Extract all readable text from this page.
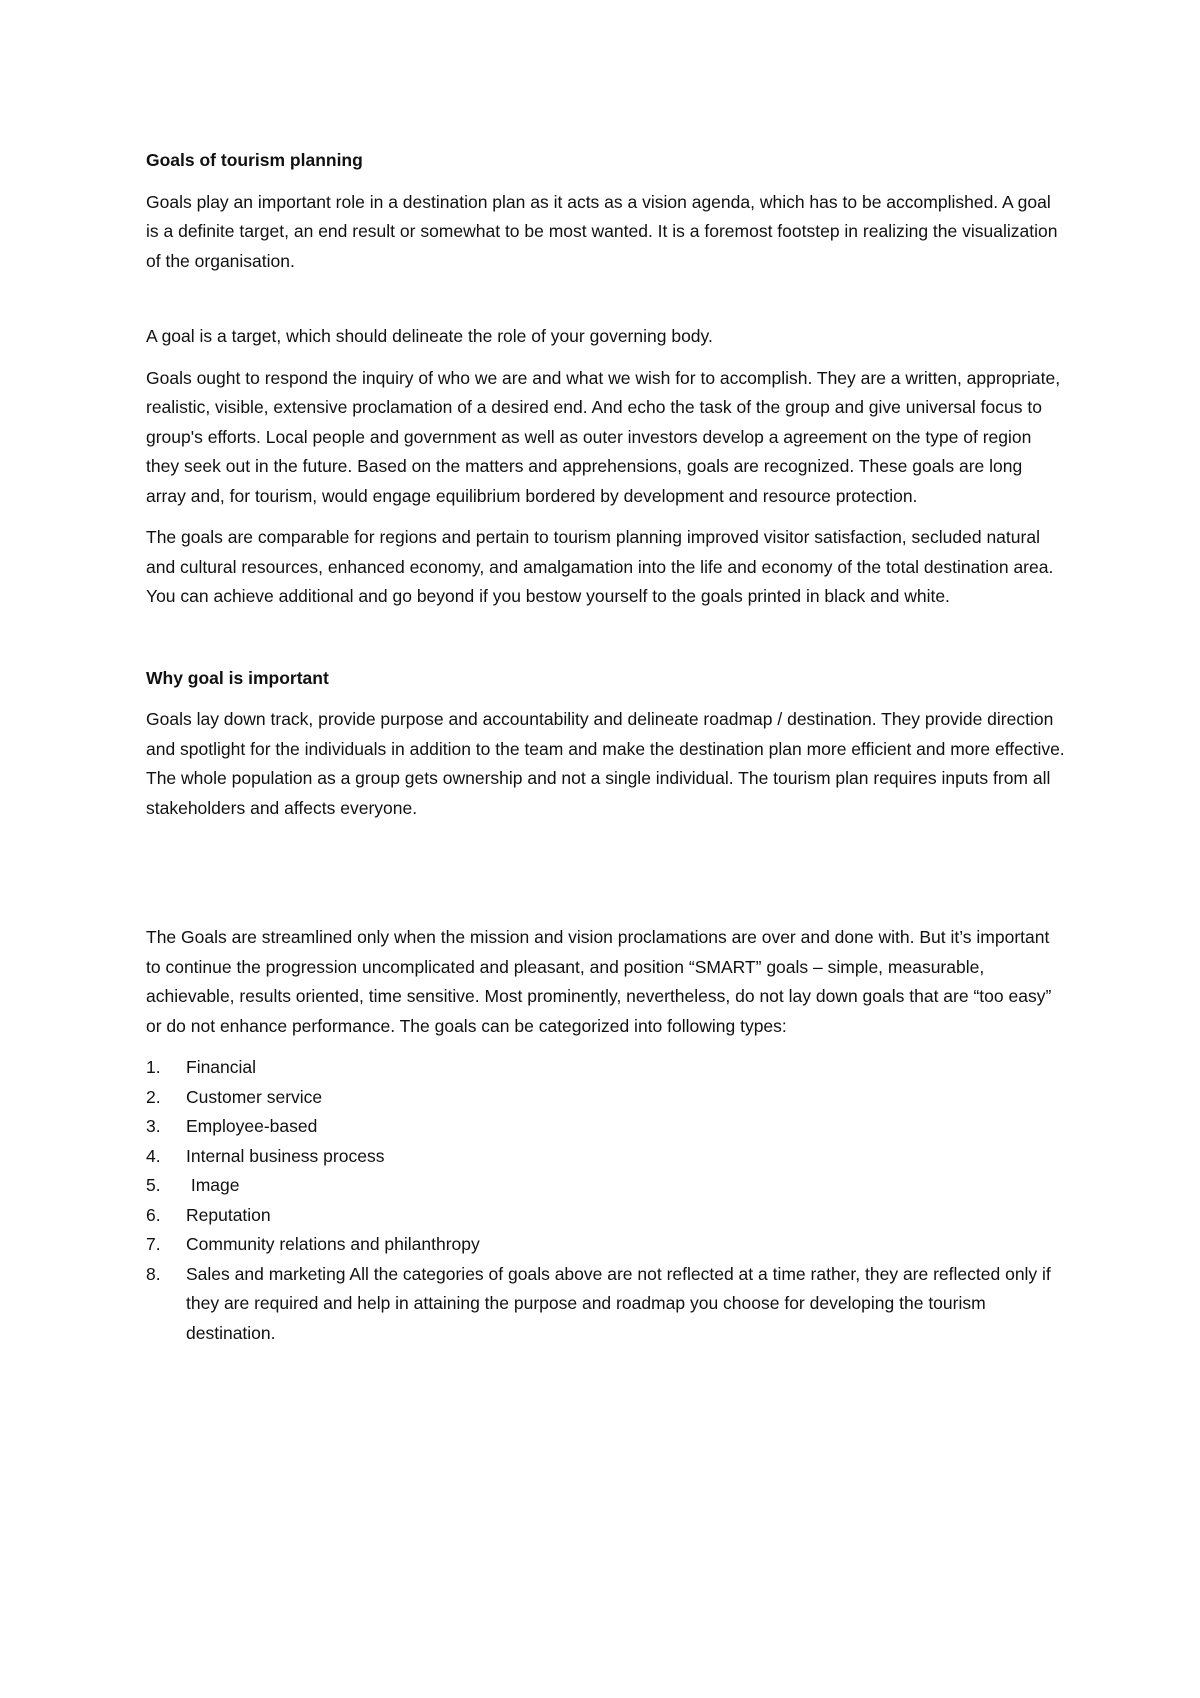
Goals of tourism planning
Goals play an important role in a destination plan as it acts as a vision agenda, which has to be accomplished. A goal is a definite target, an end result or somewhat to be most wanted. It is a foremost footstep in realizing the visualization of the organisation.
A goal is a target, which should delineate the role of your governing body.
Goals ought to respond the inquiry of who we are and what we wish for to accomplish. They are a written, appropriate, realistic, visible, extensive proclamation of a desired end. And echo the task of the group and give universal focus to group's efforts. Local people and government as well as outer investors develop a agreement on the type of region they seek out in the future. Based on the matters and apprehensions, goals are recognized. These goals are long array and, for tourism, would engage equilibrium bordered by development and resource protection.
The goals are comparable for regions and pertain to tourism planning improved visitor satisfaction, secluded natural and cultural resources, enhanced economy, and amalgamation into the life and economy of the total destination area. You can achieve additional and go beyond if you bestow yourself to the goals printed in black and white.
Why goal is important
Goals lay down track, provide purpose and accountability and delineate roadmap / destination. They provide direction and spotlight for the individuals in addition to the team and make the destination plan more efficient and more effective. The whole population as a group gets ownership and not a single individual. The tourism plan requires inputs from all stakeholders and affects everyone.
The Goals are streamlined only when the mission and vision proclamations are over and done with. But it’s important to continue the progression uncomplicated and pleasant, and position “SMART” goals – simple, measurable, achievable, results oriented, time sensitive. Most prominently, nevertheless, do not lay down goals that are “too easy” or do not enhance performance. The goals can be categorized into following types:
1. Financial
2. Customer service
3. Employee-based
4. Internal business process
5. Image
6. Reputation
7. Community relations and philanthropy
8. Sales and marketing All the categories of goals above are not reflected at a time rather, they are reflected only if they are required and help in attaining the purpose and roadmap you choose for developing the tourism destination.
